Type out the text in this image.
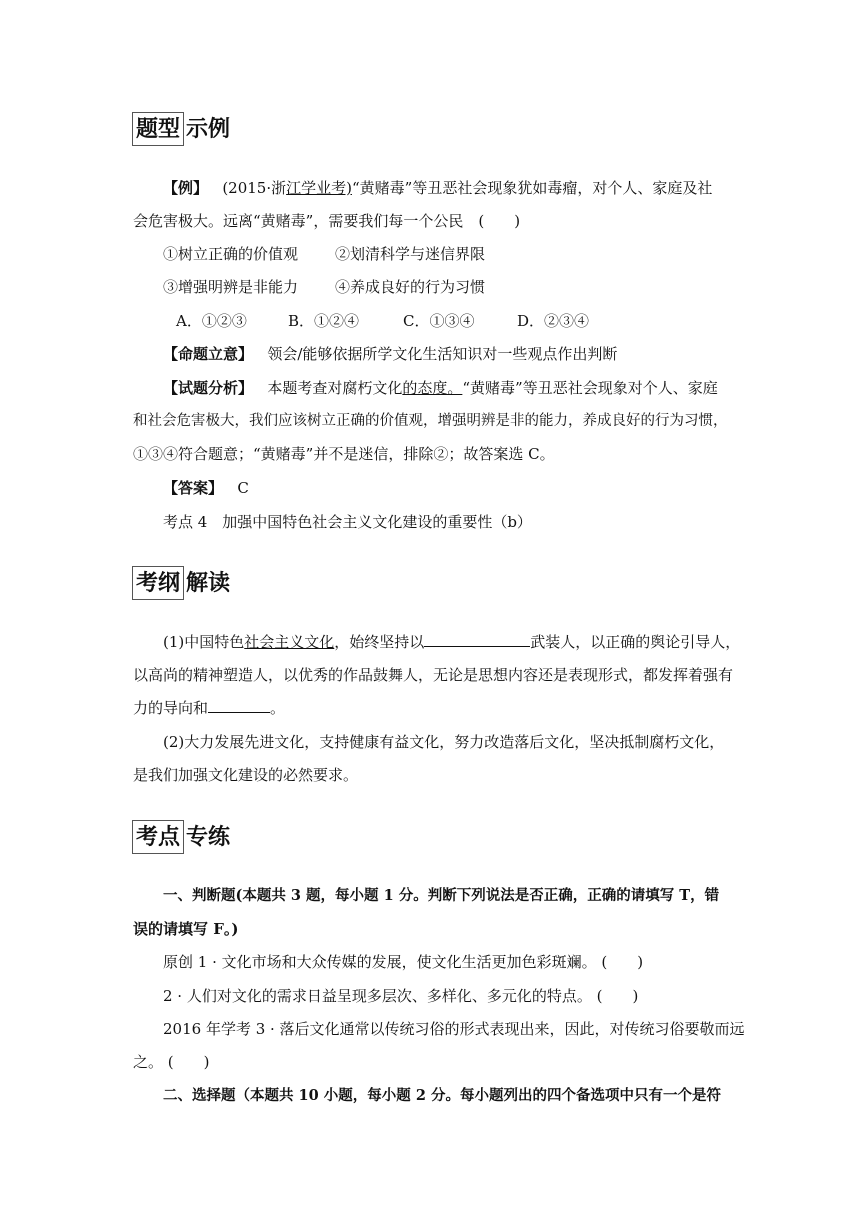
题型 示例
【例】 (2015·浙江学业考)“黄赌毒”等丑恶社会现象犹如毒瘤，对个人、家庭及社
会危害极大。远离“黄赌毒”，需要我们每一个公民　(　　)
①树立正确的价值观 ②划清科学与迷信界限
③增强明辨是非能力 ④养成良好的行为习惯
A．①②③	B．①②④	C．①③④	D．②③④
【命题立意】 领会/能够依据所学文化生活知识对一些观点作出判断
【试题分析】 本题考查对腐朽文化的态度。“黄赌毒”等丑恶社会现象对个人、家庭
和社会危害极大，我们应该树立正确的价值观，增强明辨是非的能力，养成良好的行为习惯，
①③④符合题意；“黄赌毒”并不是迷信，排除②；故答案选 C。
【答案】 C
考点 4　加强中国特色社会主义文化建设的重要性（b）
考纲 解读
(1)中国特色社会主义文化，始终坚持以	武装人，以正确的舆论引导人，
以高尚的精神塑造人，以优秀的作品鼓舞人，无论是思想内容还是表现形式，都发挥着强有
力的导向和	。
(2)大力发展先进文化，支持健康有益文化，努力改造落后文化，坚决抵制腐朽文化，
是我们加强文化建设的必然要求。
考点 专练
一、判断题(本题共 3 题，每小题 1 分。判断下列说法是否正确，正确的请填写 T，错
误的请填写 F。)
原创 1 · 文化市场和大众传媒的发展，使文化生活更加色彩斑斓。 (　　)
2 · 人们对文化的需求日益呈现多层次、多样化、多元化的特点。 (　　)
2016 年学考 3 · 落后文化通常以传统习俗的形式表现出来，因此，对传统习俗要敬而远
之。 (　　)
二、选择题（本题共 10 小题，每小题 2 分。每小题列出的四个备选项中只有一个是符
